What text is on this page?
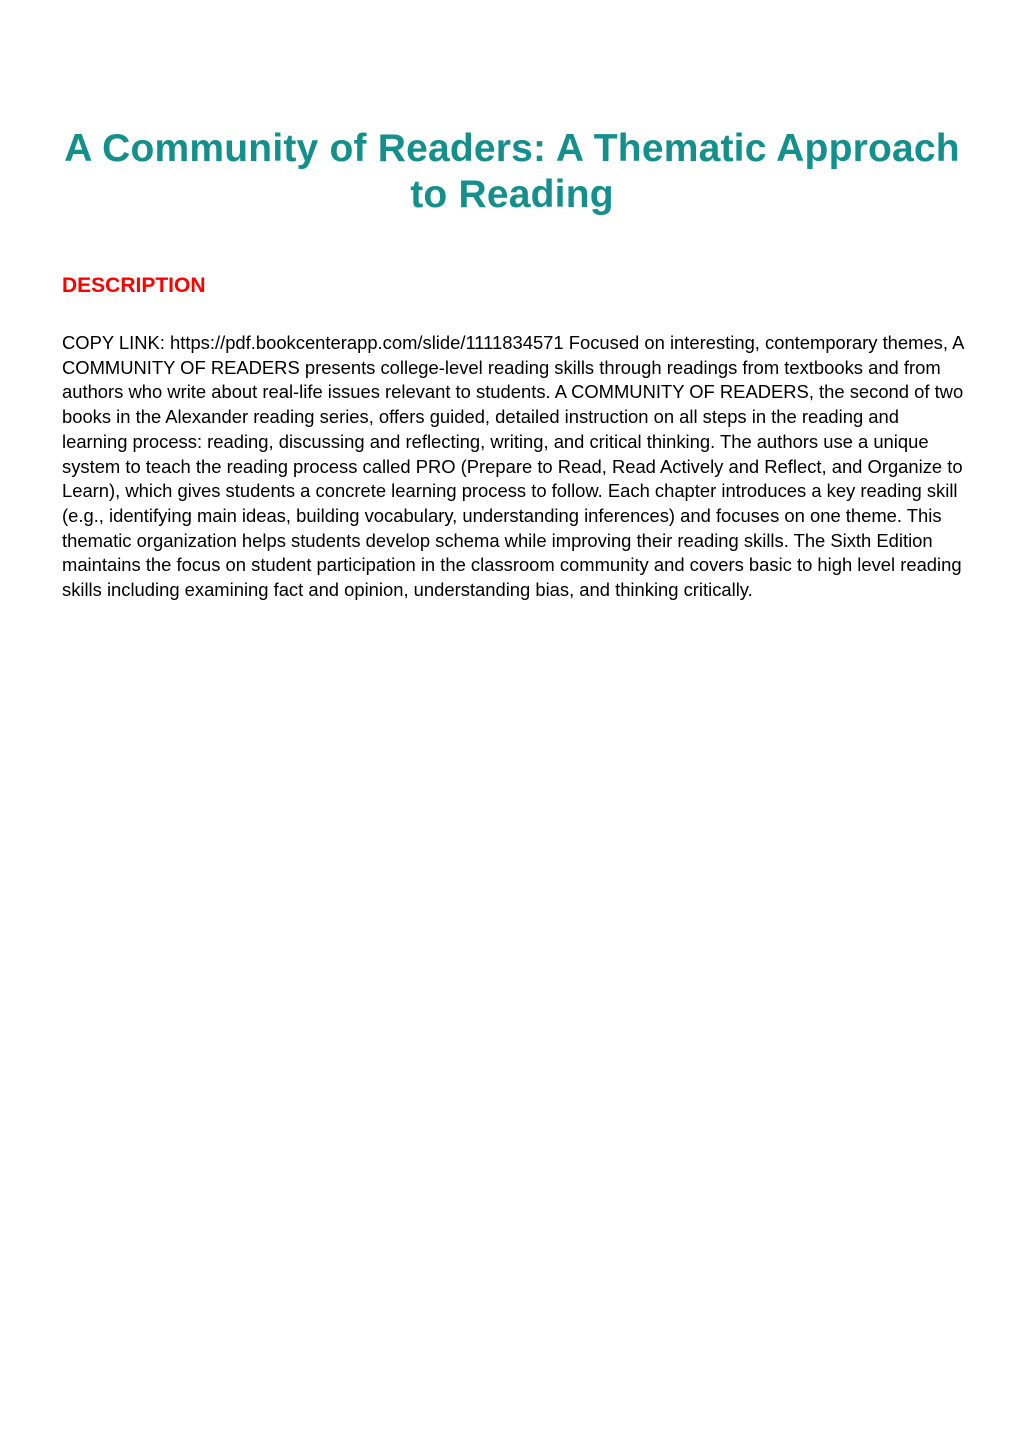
A Community of Readers: A Thematic Approach to Reading
DESCRIPTION

COPY LINK: https://pdf.bookcenterapp.com/slide/1111834571 Focused on interesting, contemporary themes, A COMMUNITY OF READERS presents college-level reading skills through readings from textbooks and from authors who write about real-life issues relevant to students. A COMMUNITY OF READERS, the second of two books in the Alexander reading series, offers guided, detailed instruction on all steps in the reading and learning process: reading, discussing and reflecting, writing, and critical thinking. The authors use a unique system to teach the reading process called PRO (Prepare to Read, Read Actively and Reflect, and Organize to Learn), which gives students a concrete learning process to follow. Each chapter introduces a key reading skill (e.g., identifying main ideas, building vocabulary, understanding inferences) and focuses on one theme. This thematic organization helps students develop schema while improving their reading skills. The Sixth Edition maintains the focus on student participation in the classroom community and covers basic to high level reading skills including examining fact and opinion, understanding bias, and thinking critically.
